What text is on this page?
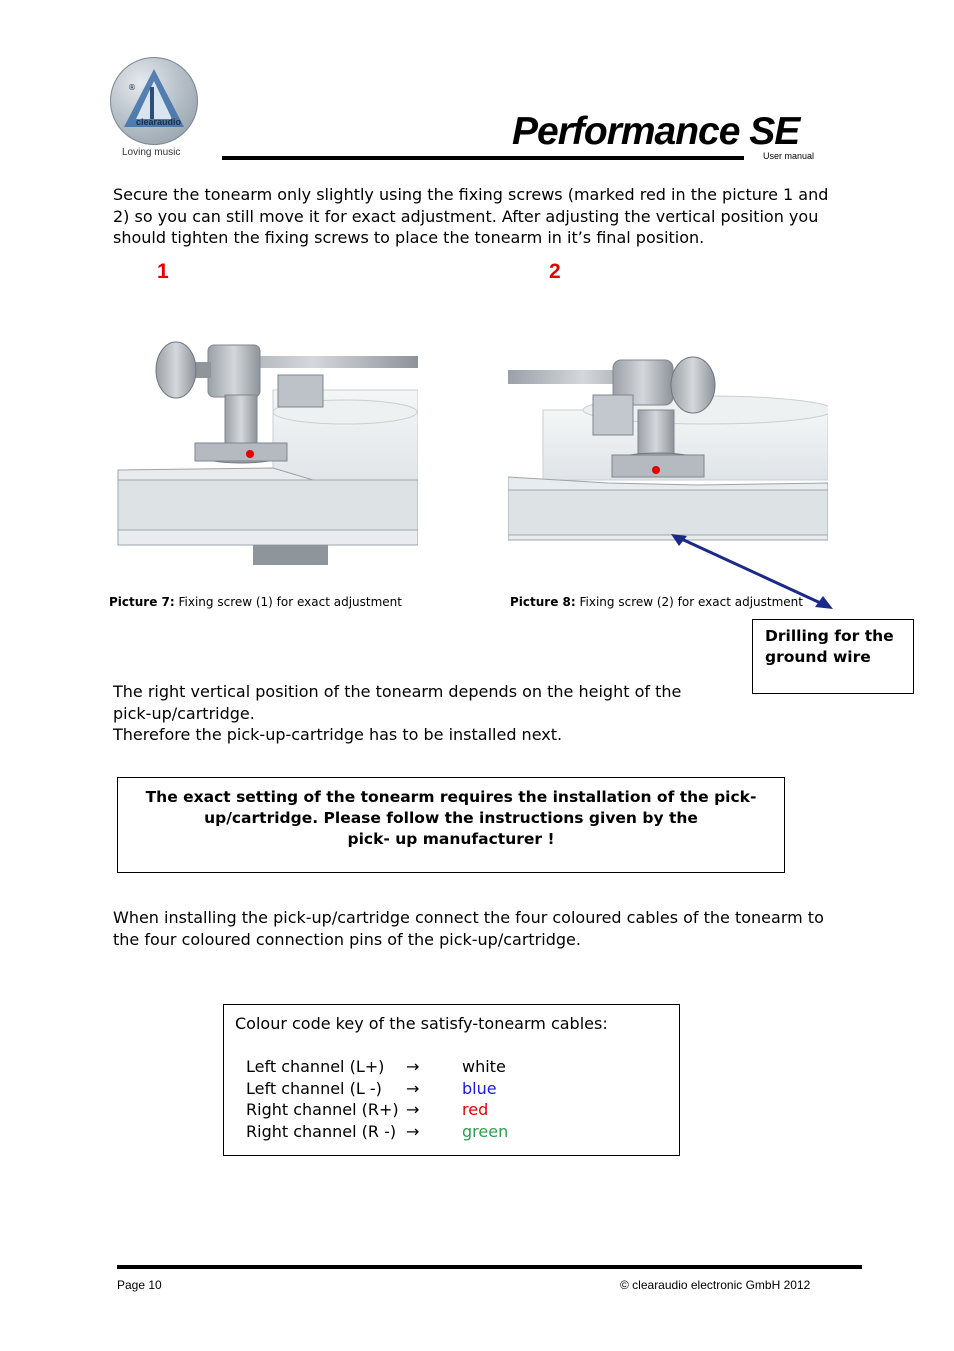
clearaudio
®
Loving music	Performance SE
User manual

Secure the tonearm only slightly using the fixing screws (marked red in the picture 1 and 2) so you can still move it for exact adjustment. After adjusting the vertical position you should tighten the fixing screws to place the tonearm in it’s final position.

1	2
Picture 7: Fixing screw (1) for exact adjustment	Picture 8: Fixing screw (2) for exact adjustment
Drilling for the ground wire

The right vertical position of the tonearm depends on the height of the pick-up/cartridge.

Therefore the pick-up-cartridge has to be installed next.

The exact setting of the tonearm requires the installation of the pick-up/cartridge. Please follow the instructions given by the
pick- up manufacturer !

When installing the pick-up/cartridge connect the four coloured cables of the tonearm to the four coloured connection pins of the pick-up/cartridge.

Colour code key of the satisfy-tonearm cables:
Left channel (L+)	→	white
Left channel (L -)	→	blue
Right channel (R+) →	red
Right channel (R -) →	green
Page 10	© clearaudio electronic GmbH 2012
